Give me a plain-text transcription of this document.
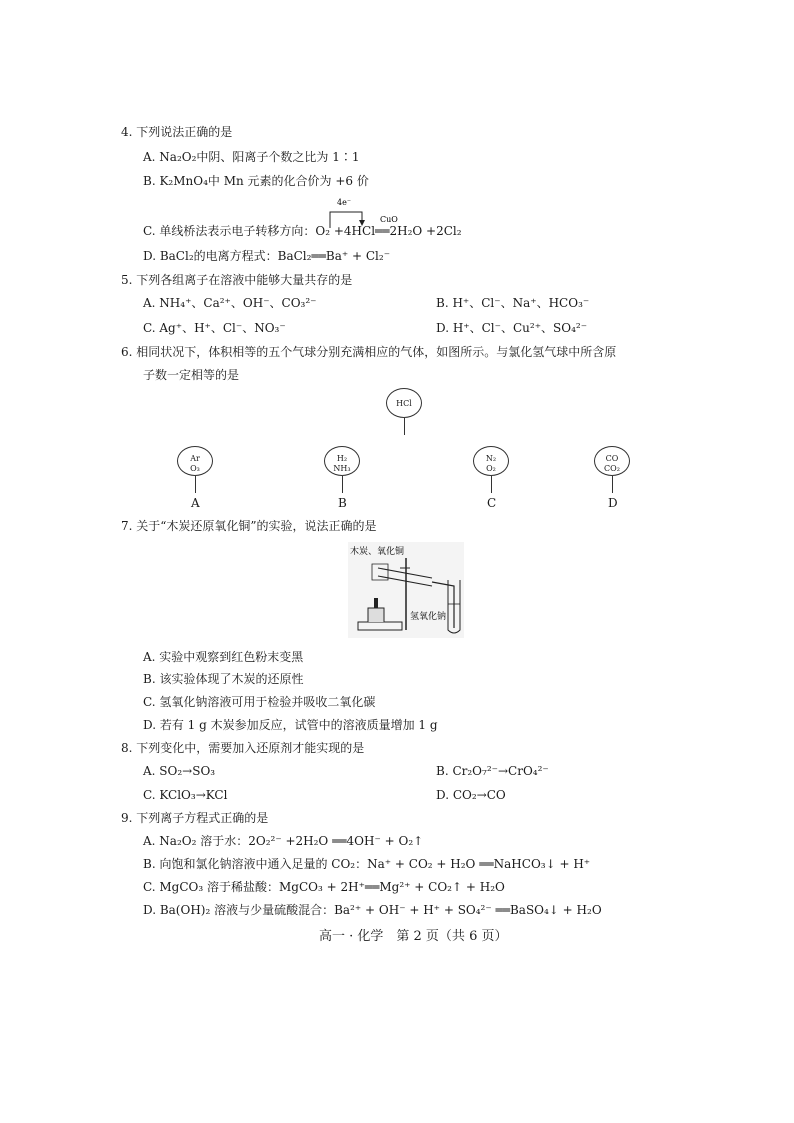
4. 下列说法正确的是
A. Na₂O₂中阴、阳离子个数之比为 1∶1
B. K₂MnO₄中 Mn 元素的化合价为 +6 价
4e⁻
CuO
C. 单线桥法表示电子转移方向：O₂ +4HCl══2H₂O +2Cl₂
D. BaCl₂的电离方程式：BaCl₂══Ba⁺ + Cl₂⁻
5. 下列各组离子在溶液中能够大量共存的是
A. NH₄⁺、Ca²⁺、OH⁻、CO₃²⁻	B. H⁺、Cl⁻、Na⁺、HCO₃⁻
C. Ag⁺、H⁺、Cl⁻、NO₃⁻	D. H⁺、Cl⁻、Cu²⁺、SO₄²⁻
6. 相同状况下，体积相等的五个气球分别充满相应的气体，如图所示。与氯化氢气球中所含原
子数一定相等的是
HCl
Ar
O₃
A
H₂
NH₃
B
N₂
O₂
C
CO
CO₂
D
7. 关于“木炭还原氧化铜”的实验，说法正确的是
木炭、氧化铜
氢氧化钠
A. 实验中观察到红色粉末变黑
B. 该实验体现了木炭的还原性
C. 氢氧化钠溶液可用于检验并吸收二氧化碳
D. 若有 1 g 木炭参加反应，试管中的溶液质量增加 1 g
8. 下列变化中，需要加入还原剂才能实现的是
A. SO₂→SO₃	B. Cr₂O₇²⁻→CrO₄²⁻
C. KClO₃→KCl	D. CO₂→CO
9. 下列离子方程式正确的是
A. Na₂O₂ 溶于水：2O₂²⁻ +2H₂O ══4OH⁻ + O₂↑
B. 向饱和氯化钠溶液中通入足量的 CO₂：Na⁺ + CO₂ + H₂O ══NaHCO₃↓ + H⁺
C. MgCO₃ 溶于稀盐酸：MgCO₃ + 2H⁺══Mg²⁺ + CO₂↑ + H₂O
D. Ba(OH)₂ 溶液与少量硫酸混合：Ba²⁺ + OH⁻ + H⁺ + SO₄²⁻ ══BaSO₄↓ + H₂O
高一 · 化学　第 2 页（共 6 页）
